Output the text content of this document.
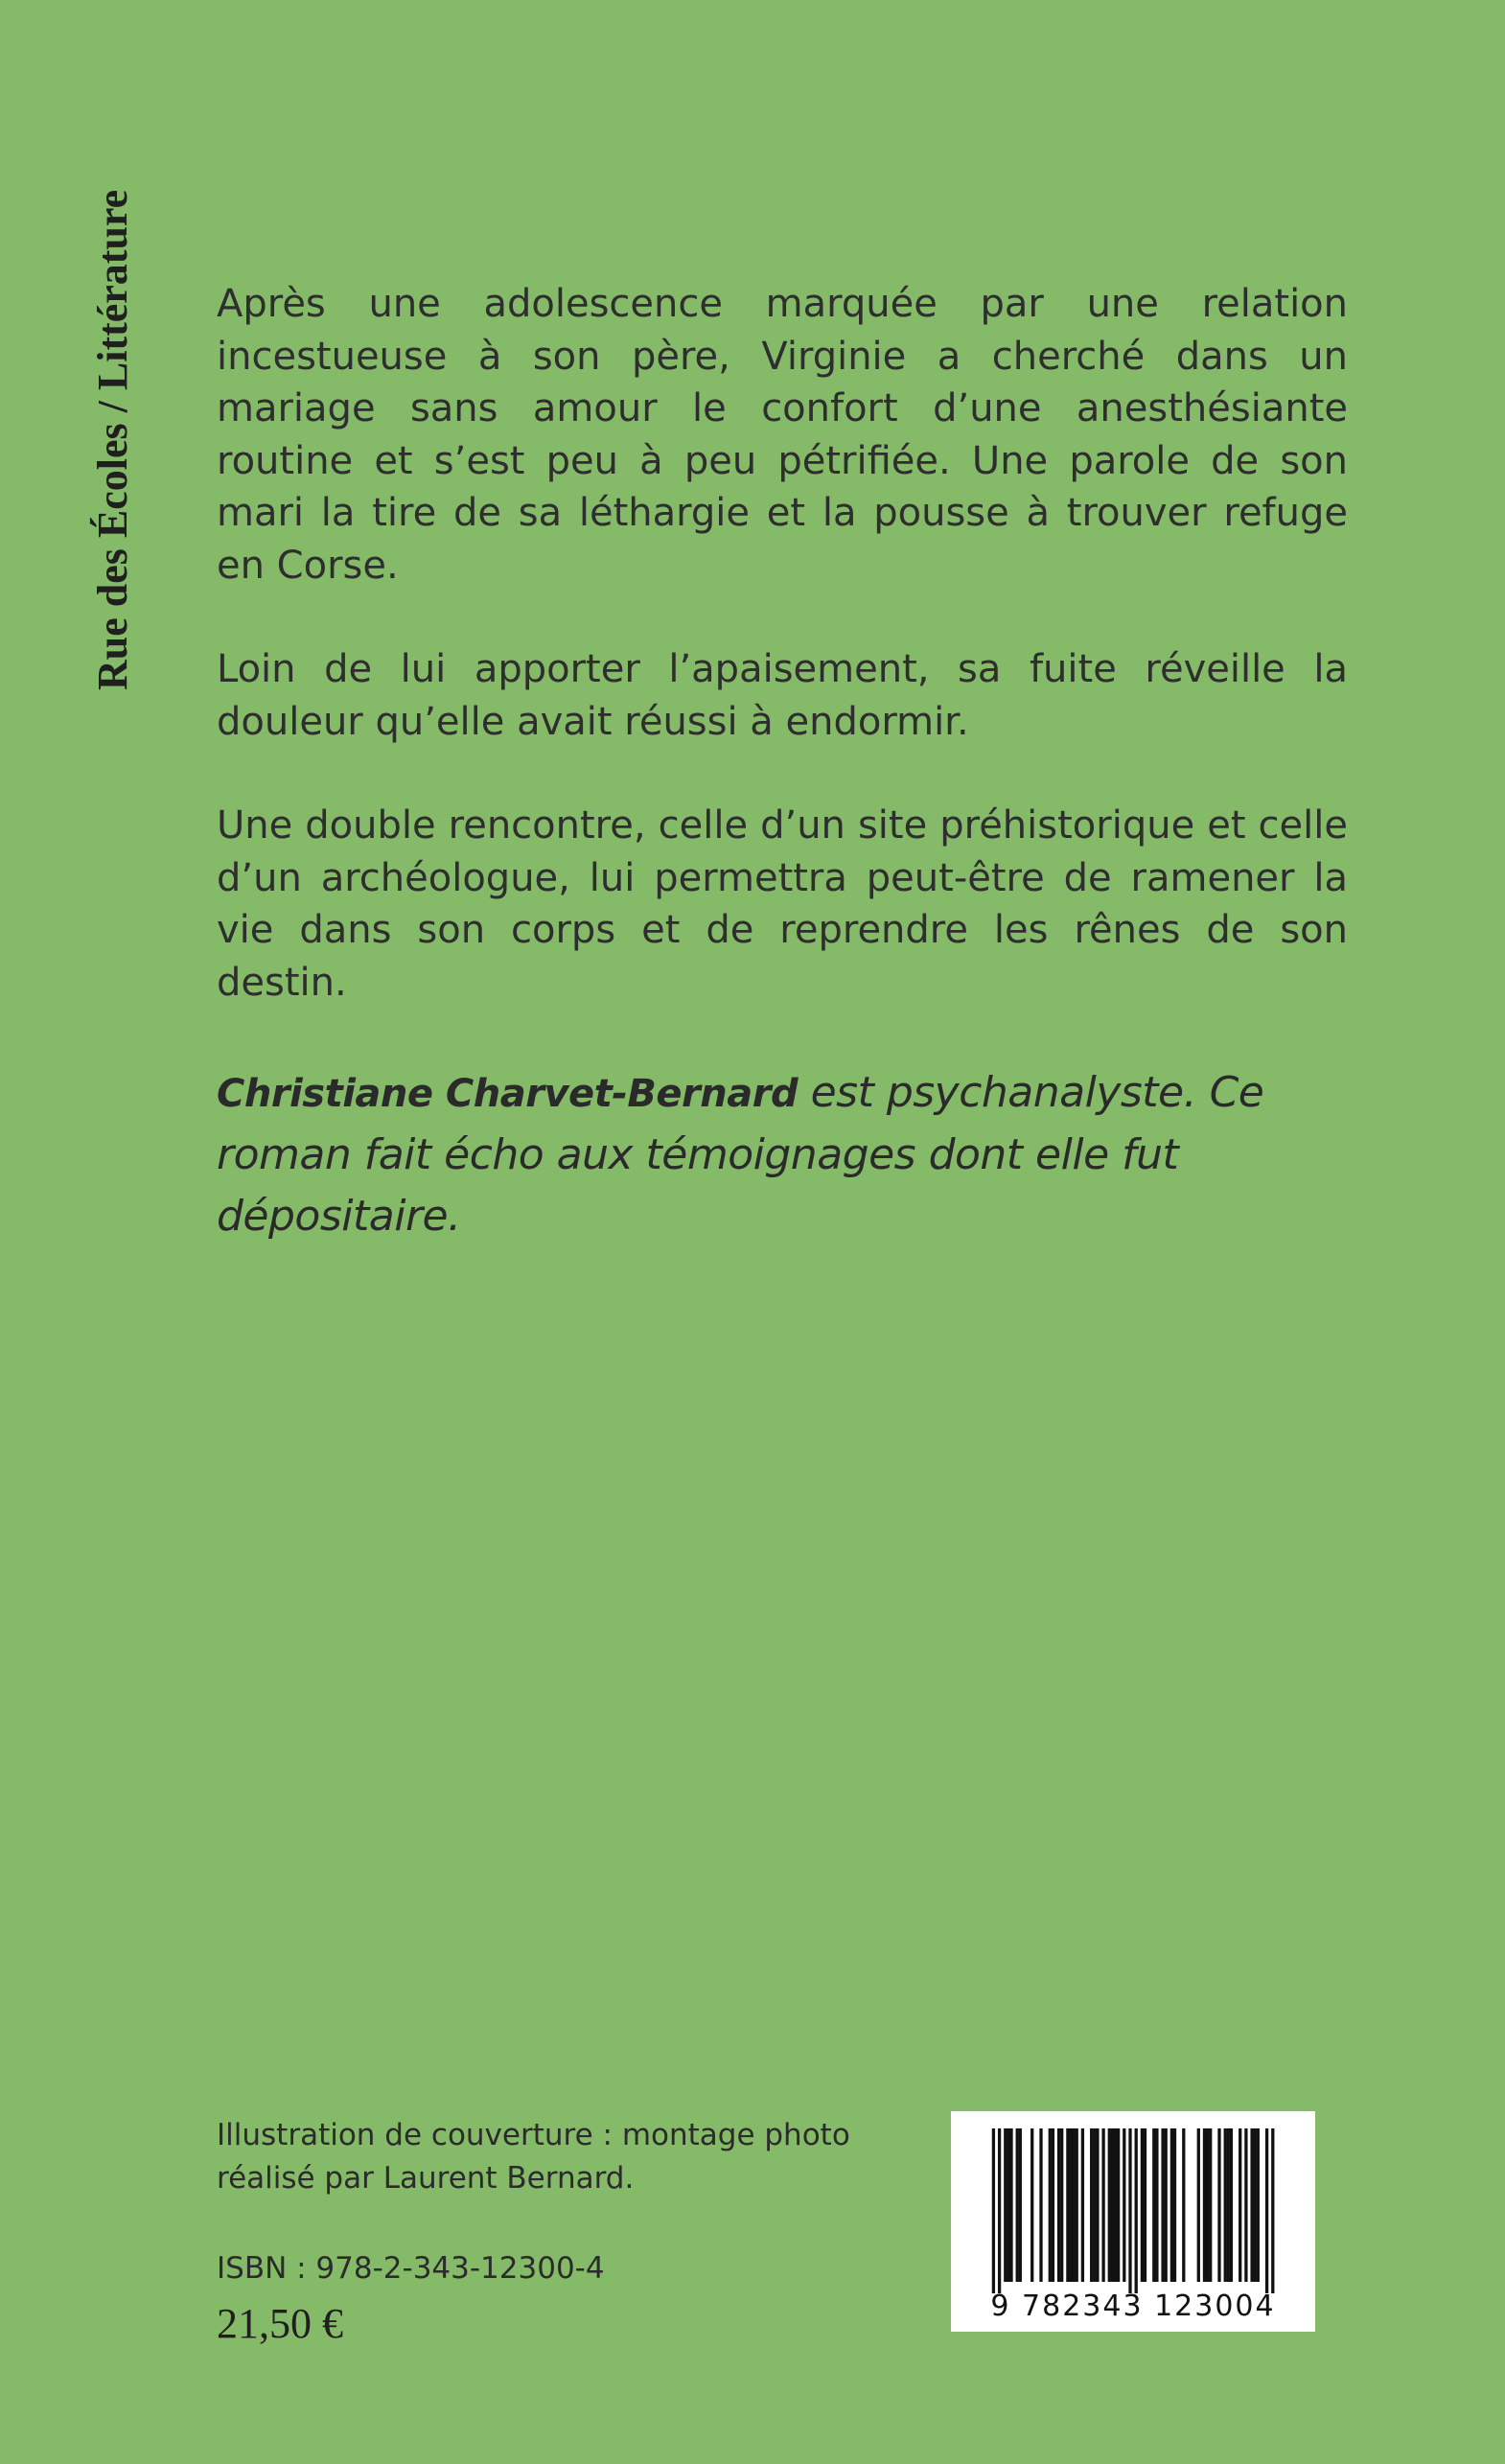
Rue des Écoles / Littérature Après une adolescence marquée par une relation incestueuse à son père, Virginie a cherché dans un mariage sans amour le confort d’une anesthésiante routine et s’est peu à peu pétrifiée. Une parole de son mari la tire de sa léthargie et la pousse à trouver refuge en Corse.

Loin de lui apporter l’apaisement, sa fuite réveille la douleur qu’elle avait réussi à endormir.

Une double rencontre, celle d’un site préhistorique et celle d’un archéologue, lui permettra peut-être de ramener la vie dans son corps et de reprendre les rênes de son destin.

Christiane Charvet-Bernard est psychanalyste. Ce roman fait écho aux témoignages dont elle fut dépositaire.
Illustration de couverture : montage photo
réalisé par Laurent Bernard.
ISBN : 978-2-343-12300-4
21,50 €	9 782343 123004
